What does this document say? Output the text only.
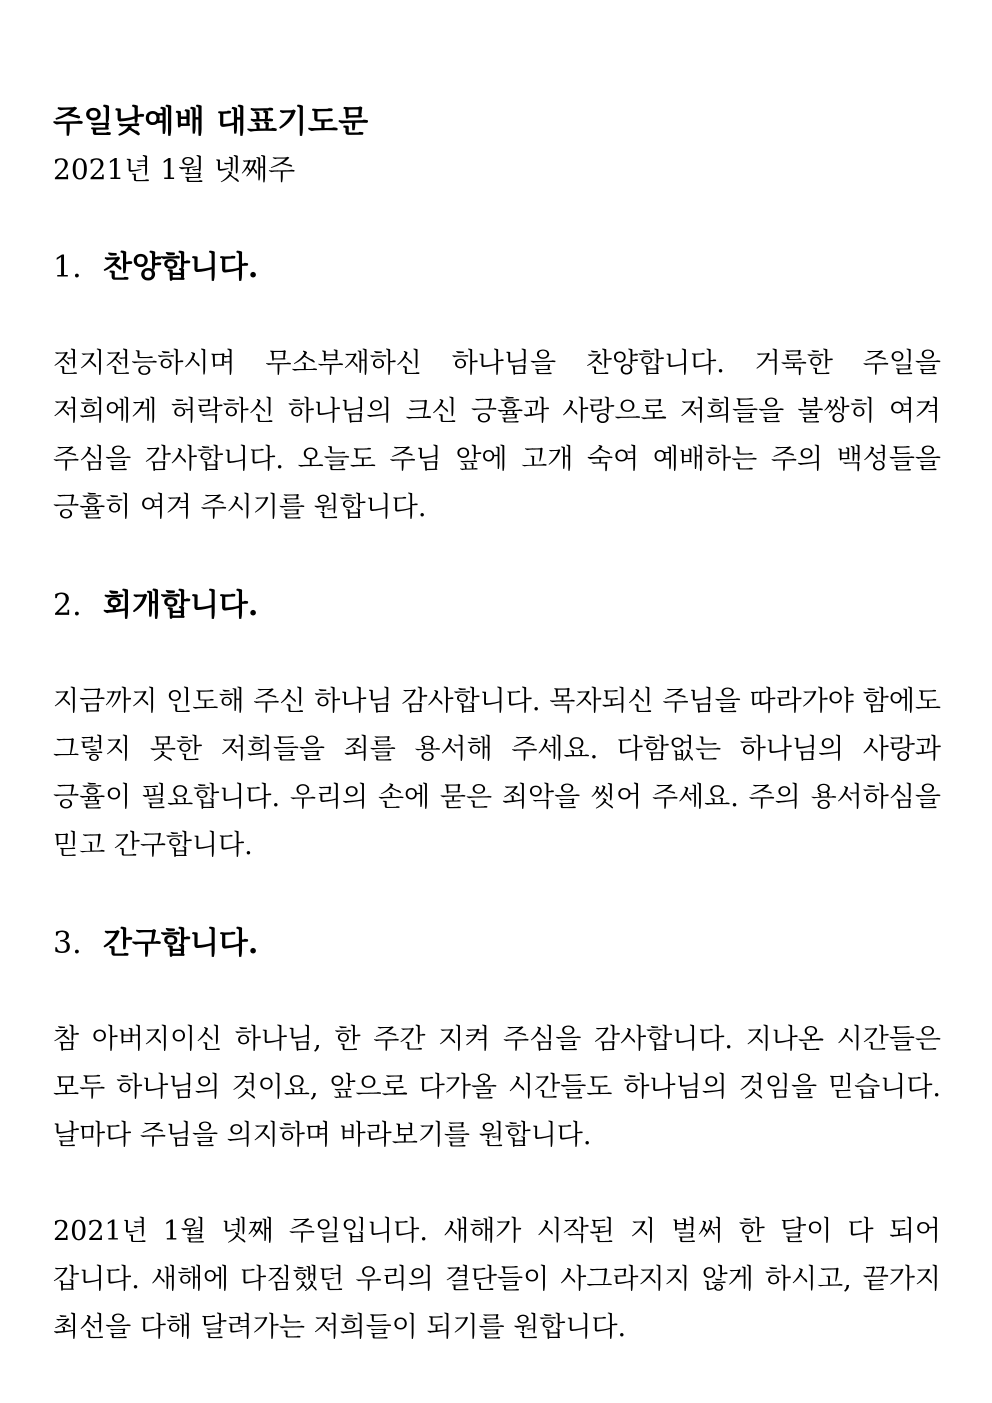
주일낮예배 대표기도문
2021년 1월 넷째주
1. 찬양합니다.
전지전능하시며 무소부재하신 하나님을 찬양합니다. 거룩한 주일을 저희에게 허락하신 하나님의 크신 긍휼과 사랑으로 저희들을 불쌍히 여겨 주심을 감사합니다. 오늘도 주님 앞에 고개 숙여 예배하는 주의 백성들을 긍휼히 여겨 주시기를 원합니다.
2. 회개합니다.
지금까지 인도해 주신 하나님 감사합니다. 목자되신 주님을 따라가야 함에도 그렇지 못한 저희들을 죄를 용서해 주세요. 다함없는 하나님의 사랑과 긍휼이 필요합니다. 우리의 손에 묻은 죄악을 씻어 주세요. 주의 용서하심을 믿고 간구합니다.
3. 간구합니다.
참 아버지이신 하나님, 한 주간 지켜 주심을 감사합니다. 지나온 시간들은 모두 하나님의 것이요, 앞으로 다가올 시간들도 하나님의 것임을 믿습니다. 날마다 주님을 의지하며 바라보기를 원합니다.
2021년 1월 넷째 주일입니다. 새해가 시작된 지 벌써 한 달이 다 되어 갑니다. 새해에 다짐했던 우리의 결단들이 사그라지지 않게 하시고, 끝가지 최선을 다해 달려가는 저희들이 되기를 원합니다.
